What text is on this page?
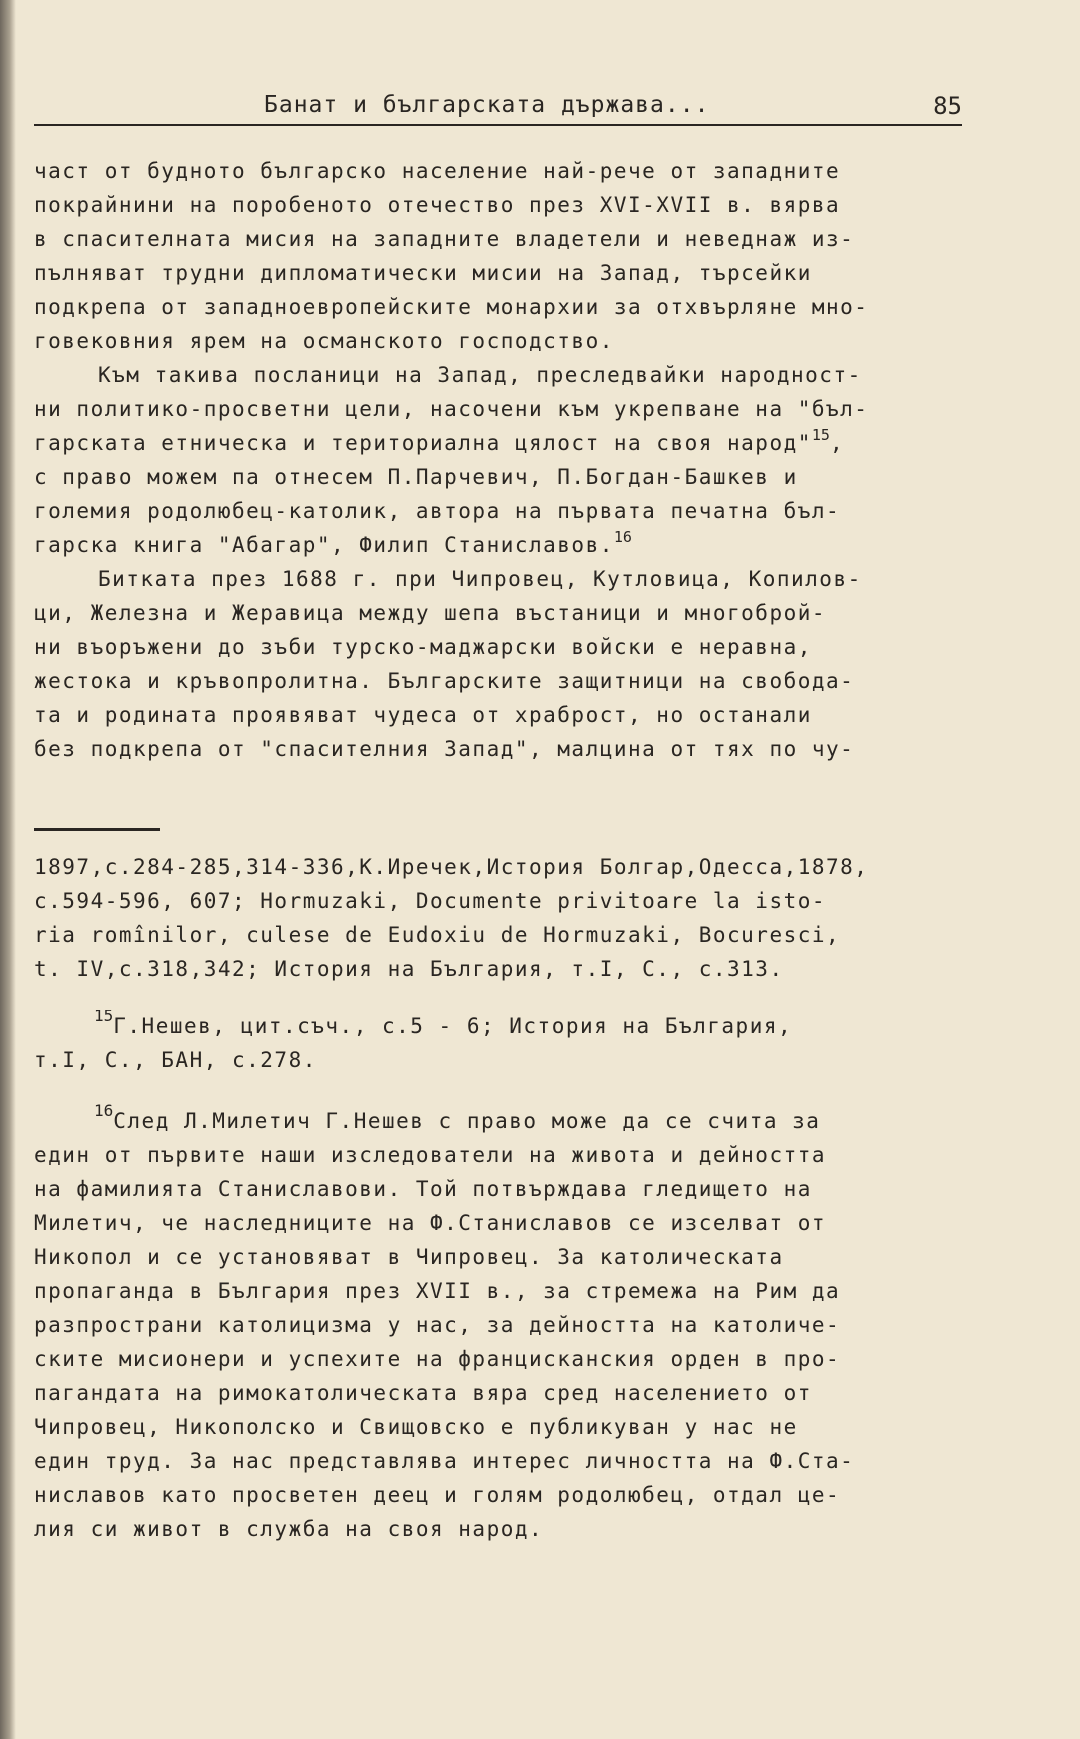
Банат и българската държава...	85
част от будното българско население най-рече от западните
покрайнини на поробеното отечество през XVI-XVII в. вярва
в спасителната мисия на западните владетели и неведнаж из-
пълняват трудни дипломатически мисии на Запад, търсейки
подкрепа от западноевропейските монархии за отхвърляне мно-
говековния ярем на османското господство.
Към такива посланици на Запад, преследвайки народност-
ни политико-просветни цели, насочени към укрепване на "бъл-
гарската етническа и териториална цялост на своя народ"$^{15}$,
с право можем па отнесем П.Парчевич, П.Богдан-Башкев и
големия родолюбец-католик, автора на първата печатна бъл-
гарска книга "Абагар", Филип Станиславов.$^{16}$
Битката през 1688 г. при Чипровец, Кутловица, Копилов-
ци, Железна и Жеравица между шепа въстаници и многобрoй-
ни въоръжени до зъби турско-маджарски войски е неравна,
жестока и кръвопролитна. Българските защитници на свобода-
та и родината проявяват чудеса от храброст, но останали
без подкрепа от "спасителния Запад", малцина от тях по чу-
1897,с.284-285,314-336,К.Иречек,История Болгар,Одесса,1878,
с.594-596, 607; Hormuzaki, Documente privitoare la isto-
ria romînilor, culese de Eudoxiu de Hormuzaki, Bocuresci,
t. IV,с.318,342; История на България, т.I, С., с.313.
$^{15}$Г.Нешев, цит.съч., с.5 - 6; История на България,
т.I, С., БАН, с.278.
$^{16}$След Л.Милетич Г.Нешев с право може да се счита за
един от първите наши изследователи на живота и дейността
на фамилията Станиславови. Той потвърждава гледището на
Милетич, че наследниците на Ф.Станиславов се изселват от
Никопол и се установяват в Чипровец. За католическата
пропаганда в България през XVII в., за стремежа на Рим да
разпространи католицизма у нас, за дейността на католиче-
ските мисионери и успехите на францисканския орден в про-
пагандата на римокатолическата вяра сред населението от
Чипровец, Никополско и Свищовско е публикуван у нас не
един труд. За нас представлява интерес личността на Ф.Ста-
ниславов като просветен деец и голям родолюбец, отдал це-
лия си живот в служба на своя народ.
